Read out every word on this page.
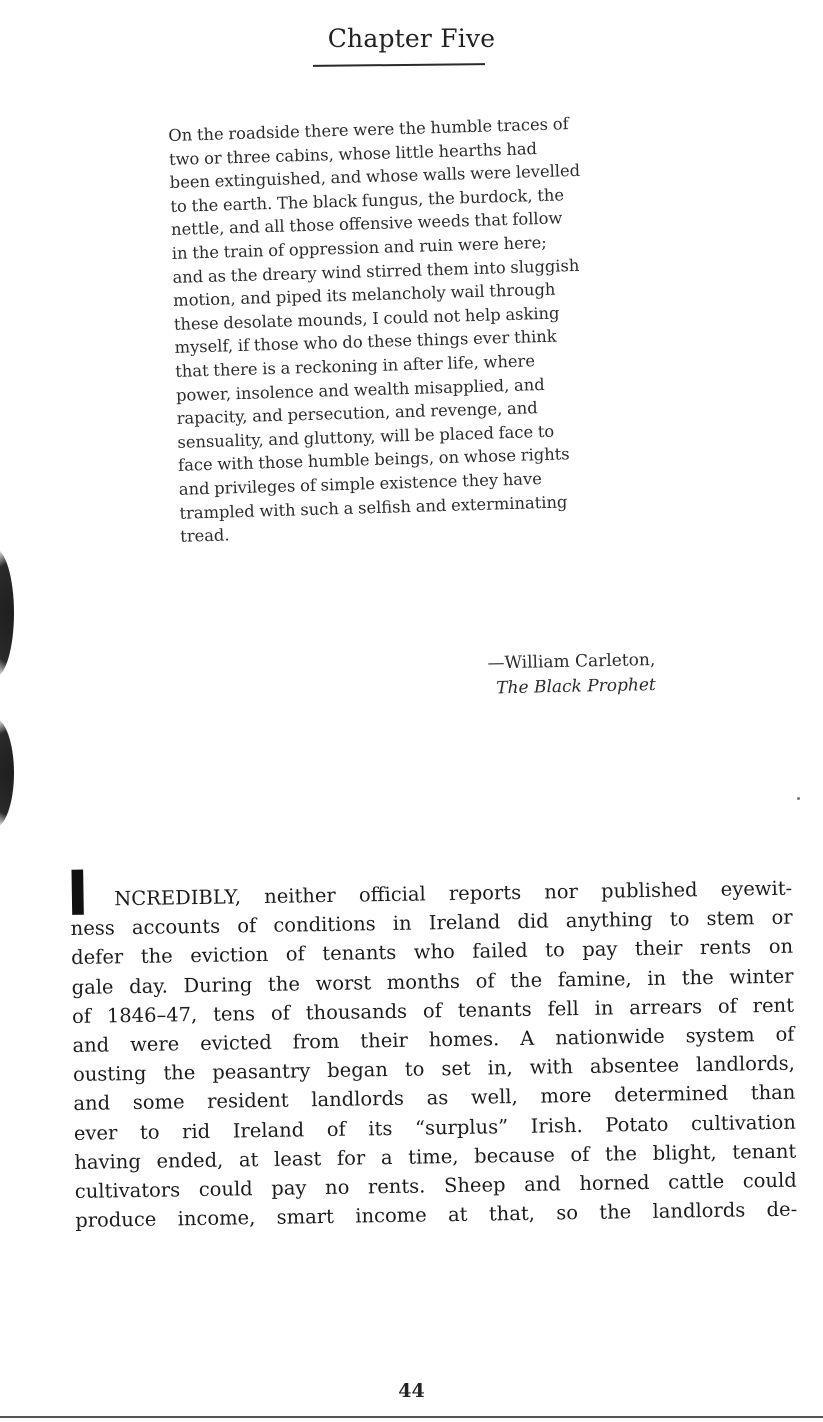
Chapter Five
On the roadside there were the humble traces of
two or three cabins, whose little hearths had
been extinguished, and whose walls were levelled
to the earth. The black fungus, the burdock, the
nettle, and all those offensive weeds that follow
in the train of oppression and ruin were here;
and as the dreary wind stirred them into sluggish
motion, and piped its melancholy wail through
these desolate mounds, I could not help asking
myself, if those who do these things ever think
that there is a reckoning in after life, where
power, insolence and wealth misapplied, and
rapacity, and persecution, and revenge, and
sensuality, and gluttony, will be placed face to
face with those humble beings, on whose rights
and privileges of simple existence they have
trampled with such a selfish and exterminating
tread.
—William Carleton,
The Black Prophet
I	NCREDIBLY, neither official reports nor published eyewit-
ness accounts of conditions in Ireland did anything to stem or
defer the eviction of tenants who failed to pay their rents on
gale day. During the worst months of the famine, in the winter
of 1846–47, tens of thousands of tenants fell in arrears of rent
and were evicted from their homes. A nationwide system of
ousting the peasantry began to set in, with absentee landlords,
and some resident landlords as well, more determined than
ever to rid Ireland of its “surplus” Irish. Potato cultivation
having ended, at least for a time, because of the blight, tenant
cultivators could pay no rents. Sheep and horned cattle could
produce income, smart income at that, so the landlords de-
44
